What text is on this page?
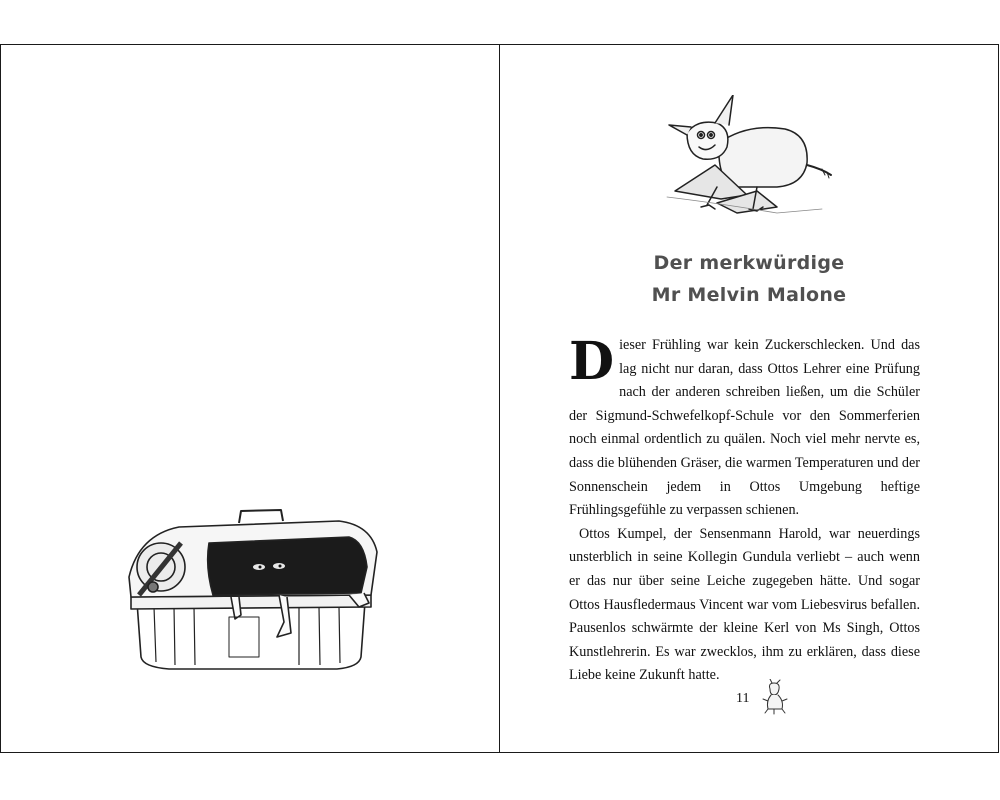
Der merkwürdige
Mr Melvin Malone

Dieser Frühling war kein Zuckerschlecken. Und das lag nicht nur daran, dass Ottos Lehrer eine Prüfung nach der anderen schreiben ließen, um die Schüler der Sigmund-Schwefelkopf-Schule vor den Sommerferien noch einmal ordentlich zu quälen. Noch viel mehr nervte es, dass die blühenden Gräser, die warmen Temperaturen und der Sonnenschein jedem in Ottos Umgebung heftige Frühlingsgefühle zu verpassen schienen.

Ottos Kumpel, der Sensenmann Harold, war neuerdings unsterblich in seine Kollegin Gundula verliebt – auch wenn er das nur über seine Leiche zugegeben hätte. Und sogar Ottos Hausfledermaus Vincent war vom Liebesvirus befallen. Pausenlos schwärmte der kleine Kerl von Ms Singh, Ottos Kunstlehrerin. Es war zwecklos, ihm zu erklären, dass diese Liebe keine Zukunft hatte.

11
